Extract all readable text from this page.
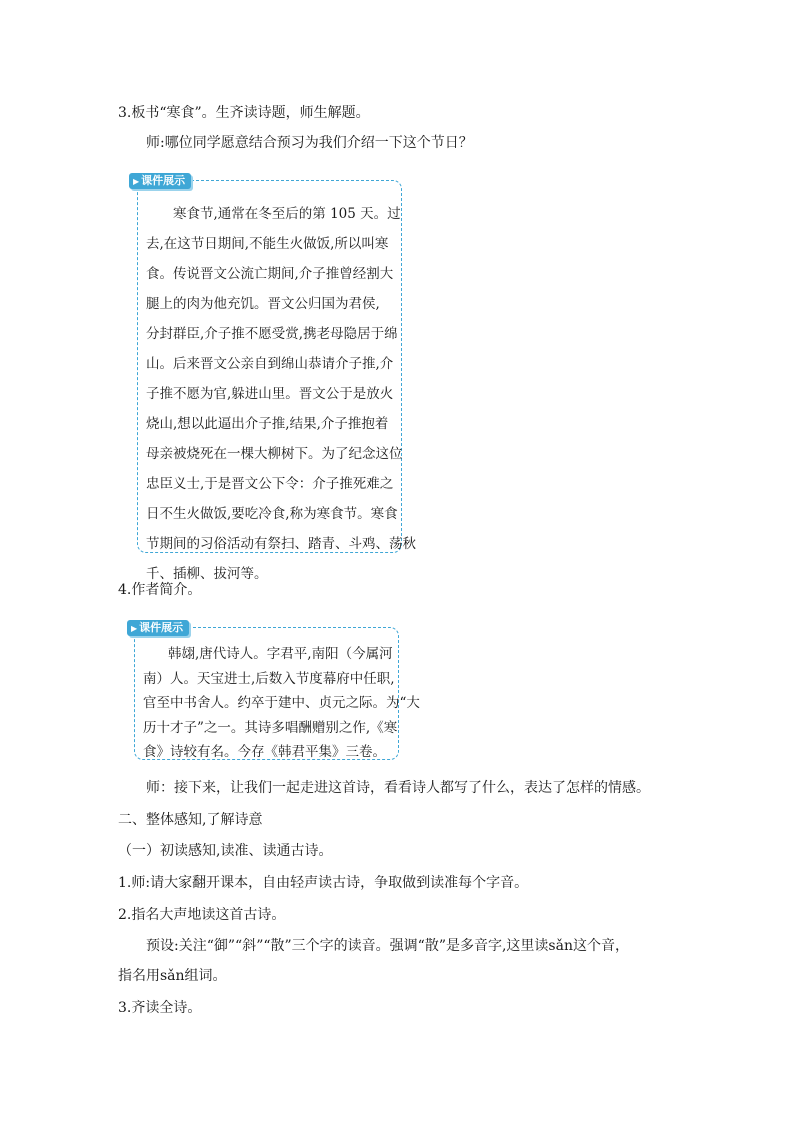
3.板书“寒食”。生齐读诗题，师生解题。
师:哪位同学愿意结合预习为我们介绍一下这个节日？
▶ 课件展示
寒食节,通常在冬至后的第 105 天。过
去,在这节日期间,不能生火做饭,所以叫寒
食。传说晋文公流亡期间,介子推曾经割大
腿上的肉为他充饥。晋文公归国为君侯,
分封群臣,介子推不愿受赏,携老母隐居于绵
山。后来晋文公亲自到绵山恭请介子推,介
子推不愿为官,躲进山里。晋文公于是放火
烧山,想以此逼出介子推,结果,介子推抱着
母亲被烧死在一棵大柳树下。为了纪念这位
忠臣义士,于是晋文公下令：介子推死难之
日不生火做饭,要吃冷食,称为寒食节。寒食
节期间的习俗活动有祭扫、踏青、斗鸡、荡秋
千、插柳、拔河等。
4.作者简介。
▶ 课件展示
韩翃,唐代诗人。字君平,南阳（今属河
南）人。天宝进士,后数入节度幕府中任职,
官至中书舍人。约卒于建中、贞元之际。为“大
历十才子”之一。其诗多唱酬赠别之作,《寒
食》诗较有名。今存《韩君平集》三卷。
师：接下来，让我们一起走进这首诗，看看诗人都写了什么，表达了怎样的情感。
二、整体感知,了解诗意
（一）初读感知,读准、读通古诗。
1.师:请大家翻开课本，自由轻声读古诗，争取做到读准每个字音。
2.指名大声地读这首古诗。
预设:关注“御”“斜”“散”三个字的读音。强调“散”是多音字,这里读sǎn这个音，
指名用sǎn组词。
3.齐读全诗。
